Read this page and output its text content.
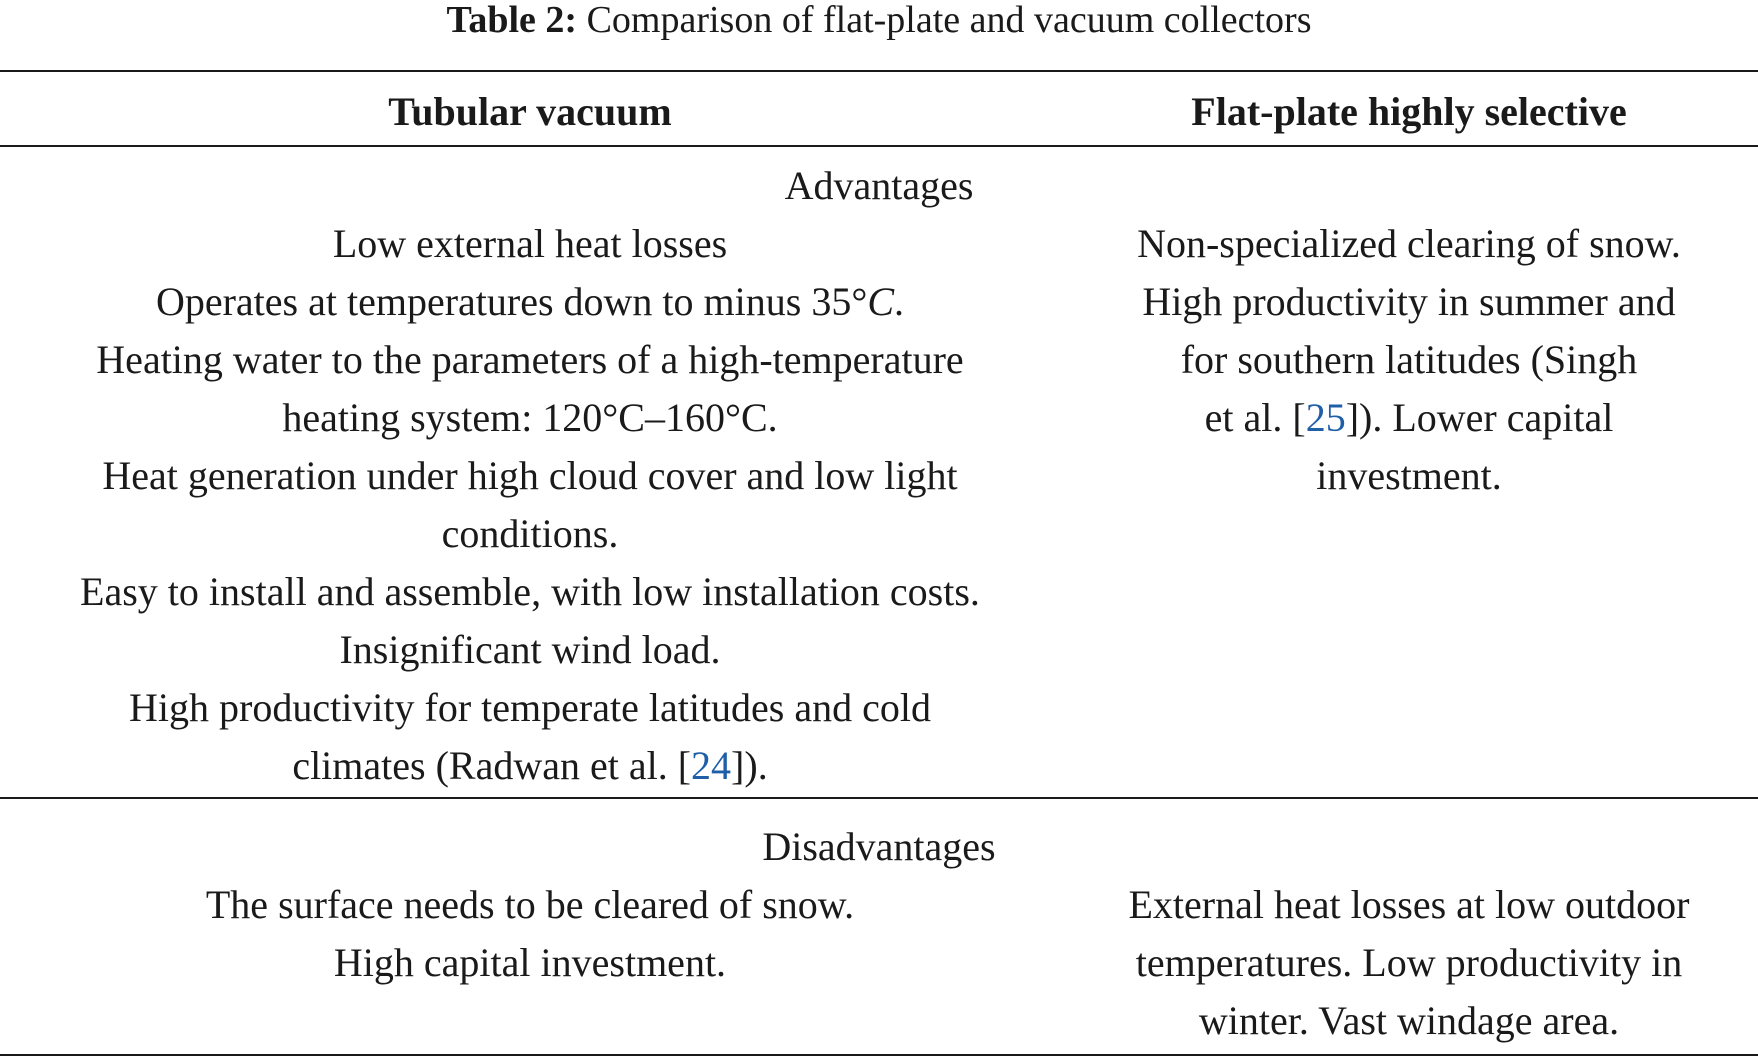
Table 2: Comparison of flat-plate and vacuum collectors
Tubular vacuum	Flat-plate highly selective
Advantages
Low external heat losses
Operates at temperatures down to minus 35°C.
Heating water to the parameters of a high-temperature
heating system: 120°C–160°C.
Heat generation under high cloud cover and low light
conditions.
Easy to install and assemble, with low installation costs.
Insignificant wind load.
High productivity for temperate latitudes and cold
climates (Radwan et al. [24]).
Non-specialized clearing of snow.
High productivity in summer and
for southern latitudes (Singh
et al. [25]). Lower capital
investment.
Disadvantages
The surface needs to be cleared of snow.
High capital investment.
External heat losses at low outdoor
temperatures. Low productivity in
winter. Vast windage area.
